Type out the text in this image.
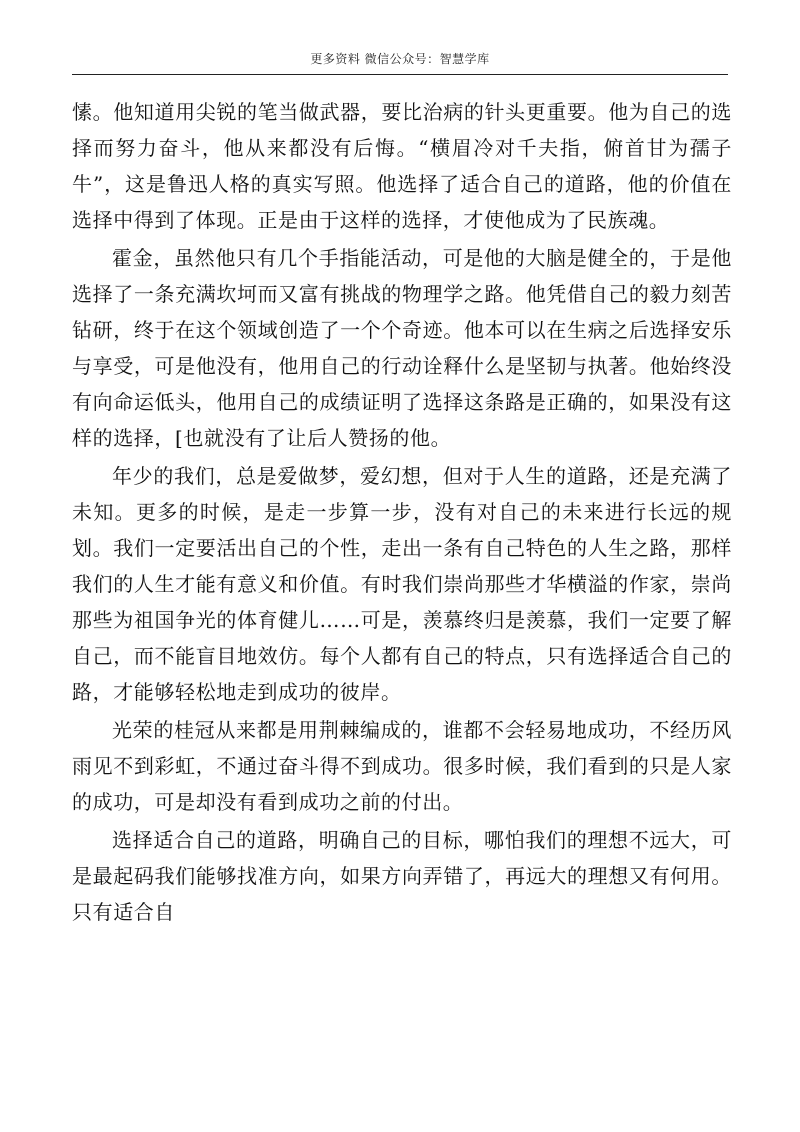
更多资料 微信公众号：智慧学库

愫。他知道用尖锐的笔当做武器，要比治病的针头更重要。他为自己的选择而努力奋斗，他从来都没有后悔。“横眉冷对千夫指，俯首甘为孺子牛”，这是鲁迅人格的真实写照。他选择了适合自己的道路，他的价值在选择中得到了体现。正是由于这样的选择，才使他成为了民族魂。

霍金，虽然他只有几个手指能活动，可是他的大脑是健全的，于是他选择了一条充满坎坷而又富有挑战的物理学之路。他凭借自己的毅力刻苦钻研，终于在这个领域创造了一个个奇迹。他本可以在生病之后选择安乐与享受，可是他没有，他用自己的行动诠释什么是坚韧与执著。他始终没有向命运低头，他用自己的成绩证明了选择这条路是正确的，如果没有这样的选择，[也就没有了让后人赞扬的他。

年少的我们，总是爱做梦，爱幻想，但对于人生的道路，还是充满了未知。更多的时候，是走一步算一步，没有对自己的未来进行长远的规划。我们一定要活出自己的个性，走出一条有自己特色的人生之路，那样我们的人生才能有意义和价值。有时我们崇尚那些才华横溢的作家，崇尚那些为祖国争光的体育健儿……可是，羡慕终归是羡慕，我们一定要了解自己，而不能盲目地效仿。每个人都有自己的特点，只有选择适合自己的路，才能够轻松地走到成功的彼岸。

光荣的桂冠从来都是用荆棘编成的，谁都不会轻易地成功，不经历风雨见不到彩虹，不通过奋斗得不到成功。很多时候，我们看到的只是人家的成功，可是却没有看到成功之前的付出。

选择适合自己的道路，明确自己的目标，哪怕我们的理想不远大，可是最起码我们能够找准方向，如果方向弄错了，再远大的理想又有何用。只有适合自
